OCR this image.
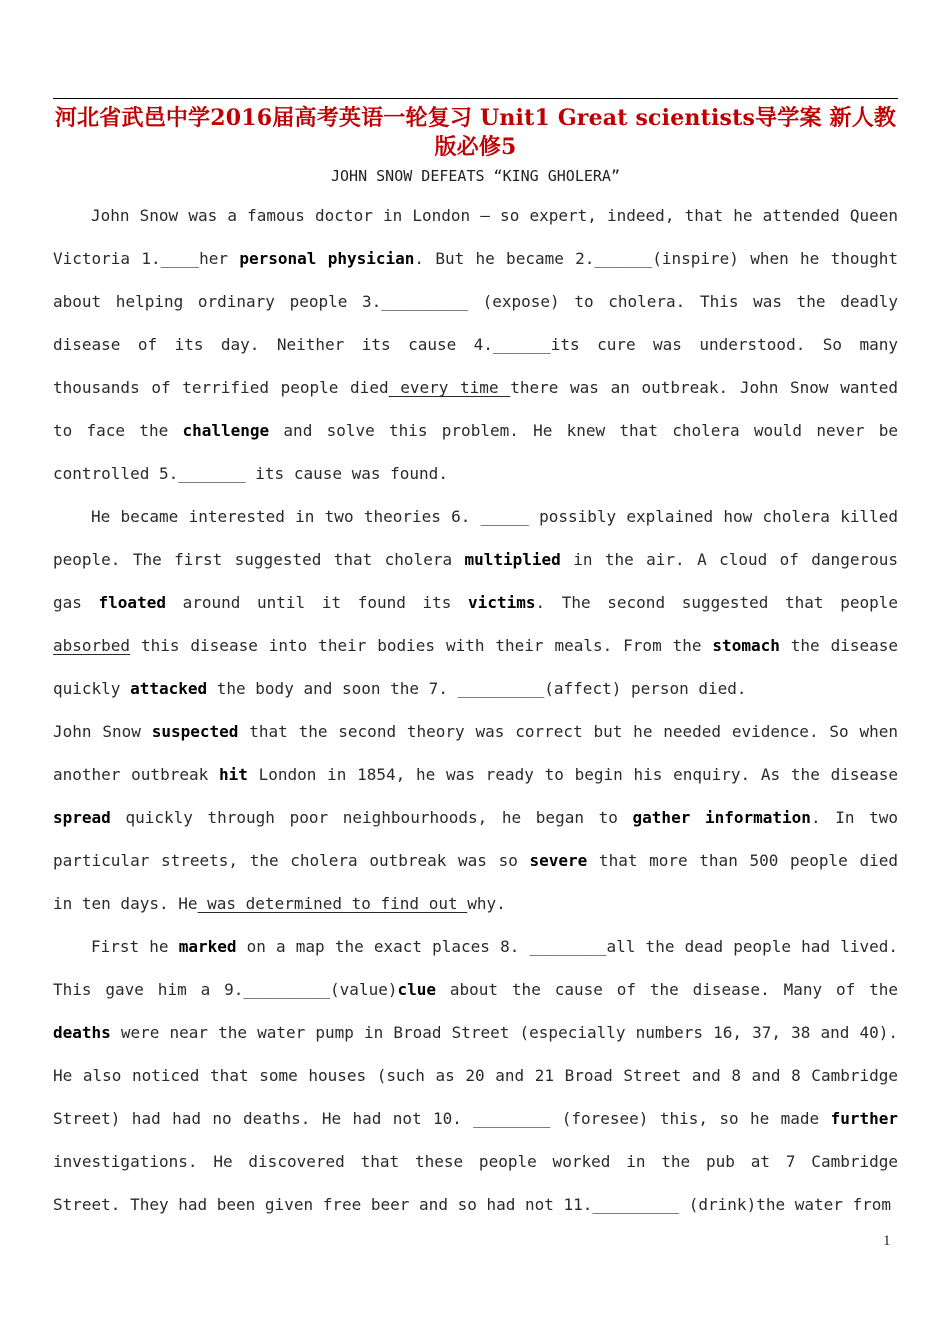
河北省武邑中学2016届高考英语一轮复习 Unit1 Great scientists导学案 新人教版必修5
JOHN SNOW DEFEATS “KING GHOLERA”

John Snow was a famous doctor in London — so expert, indeed, that he attended Queen Victoria 1.____her personal physician. But he became 2.______(inspire) when he thought about helping ordinary people 3._________ (expose) to cholera. This was the deadly disease of its day. Neither its cause 4.______its cure was understood. So many thousands of terrified people died every time there was an outbreak. John Snow wanted to face the challenge and solve this problem. He knew that cholera would never be controlled 5._______ its cause was found.

He became interested in two theories 6. _____ possibly explained how cholera killed people. The first suggested that cholera multiplied in the air. A cloud of dangerous gas floated around until it found its victims. The second suggested that people absorbed this disease into their bodies with their meals. From the stomach the disease quickly attacked the body and soon the 7. _________(affect) person died.

John Snow suspected that the second theory was correct but he needed evidence. So when another outbreak hit London in 1854, he was ready to begin his enquiry. As the disease spread quickly through poor neighbourhoods, he began to gather information. In two particular streets, the cholera outbreak was so severe that more than 500 people died in ten days. He was determined to find out why.

First he marked on a map the exact places 8. ________all the dead people had lived. This gave him a 9._________(value)clue about the cause of the disease. Many of the deaths were near the water pump in Broad Street (especially numbers 16, 37, 38 and 40). He also noticed that some houses (such as 20 and 21 Broad Street and 8 and 8 Cambridge Street) had had no deaths. He had not 10. ________ (foresee) this, so he made further investigations. He discovered that these people worked in the pub at 7 Cambridge Street. They had been given free beer and so had not 11._________ (drink)the water from

1
